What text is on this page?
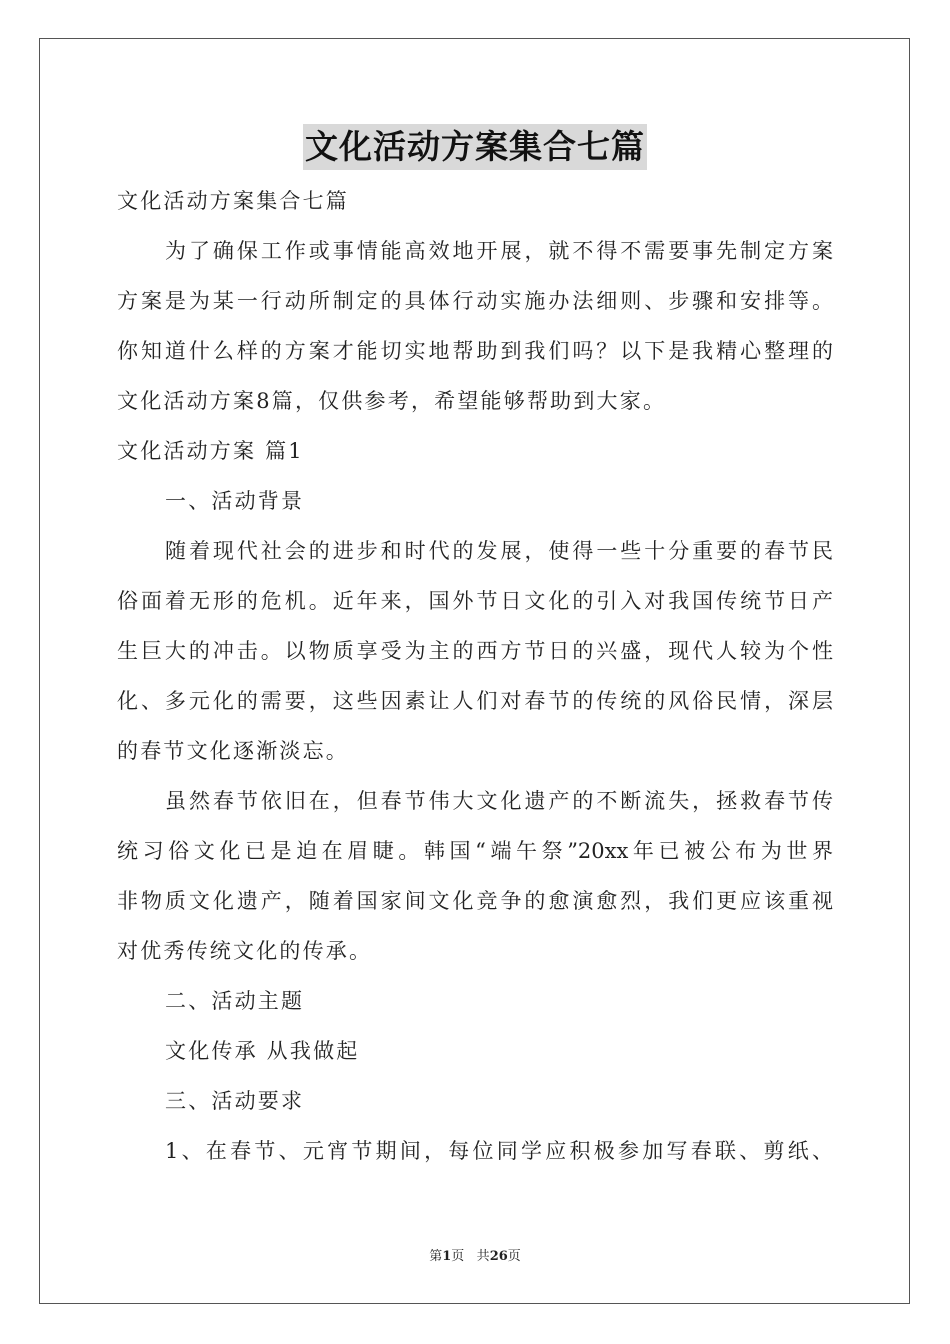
文化活动方案集合七篇
文化活动方案集合七篇
为了确保工作或事情能高效地开展，就不得不需要事先制定方案
方案是为某一行动所制定的具体行动实施办法细则、步骤和安排等。
你知道什么样的方案才能切实地帮助到我们吗？以下是我精心整理的
文化活动方案8篇，仅供参考，希望能够帮助到大家。
文化活动方案 篇1
一、活动背景
随着现代社会的进步和时代的发展，使得一些十分重要的春节民
俗面着无形的危机。近年来，国外节日文化的引入对我国传统节日产
生巨大的冲击。以物质享受为主的西方节日的兴盛，现代人较为个性
化、多元化的需要，这些因素让人们对春节的传统的风俗民情，深层
的春节文化逐渐淡忘。
虽然春节依旧在，但春节伟大文化遗产的不断流失，拯救春节传
统习俗文化已是迫在眉睫。韩国“端午祭”20xx年已被公布为世界
非物质文化遗产，随着国家间文化竞争的愈演愈烈，我们更应该重视
对优秀传统文化的传承。
二、活动主题
文化传承 从我做起
三、活动要求
1、在春节、元宵节期间，每位同学应积极参加写春联、剪纸、
第1页 共26页
